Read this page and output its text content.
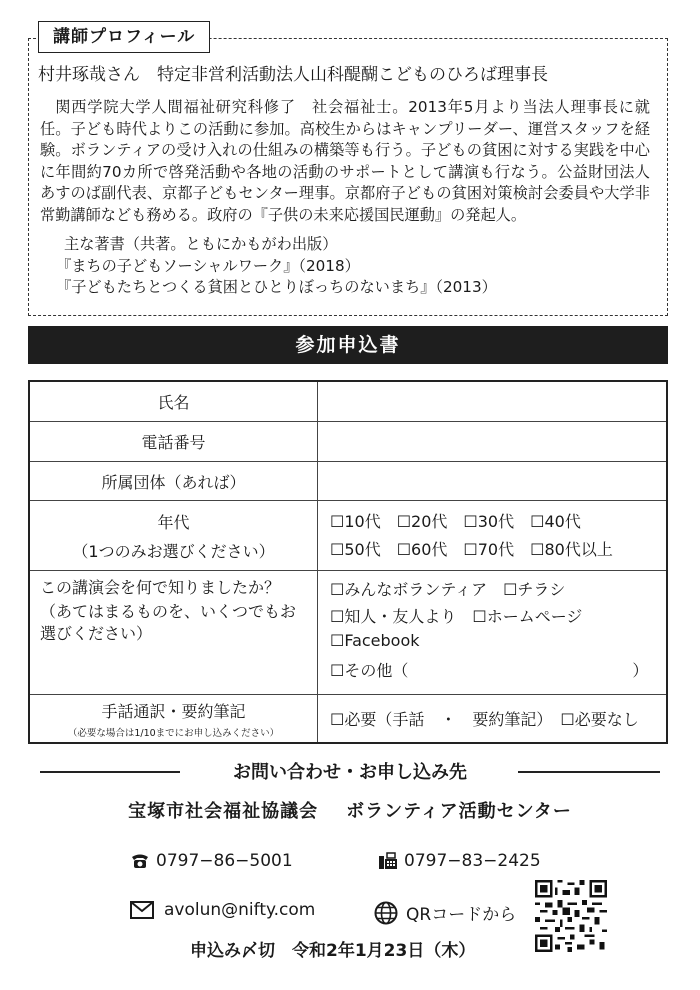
講師プロフィール
村井琢哉さん　特定非営利活動法人山科醍醐こどものひろば理事長

関西学院大学人間福祉研究科修了　社会福祉士。2013年5月より当法人理事長に就任。子ども時代よりこの活動に参加。高校生からはキャンプリーダー、運営スタッフを経験。ボランティアの受け入れの仕組みの構築等も行う。子どもの貧困に対する実践を中心に年間約70カ所で啓発活動や各地の活動のサポートとして講演も行なう。公益財団法人あすのば副代表、京都子どもセンター理事。京都府子どもの貧困対策検討会委員や大学非常勤講師なども務める。政府の『子供の未来応援国民運動』の発起人。

主な著書（共著。ともにかもがわ出版）
『まちの子どもソーシャルワーク』（2018）
『子どもたちとつくる貧困とひとりぼっちのないまち』（2013）
参加申込書
氏名
電話番号
所属団体（あれば）
年代
（1つのみお選びください）
☐10代　☐20代　☐30代　☐40代
☐50代　☐60代　☐70代　☐80代以上
この講演会を何で知りましたか？
（あてはまるものを、いくつでもお選びください）
☐みんなボランティア　☐チラシ
☐知人・友人より　☐ホームページ
☐Facebook
☐その他（　　　　　　　　　　　　　　）
手話通訳・要約筆記
（必要な場合は1/10までにお申し込みください）
☐必要（手話　・　要約筆記）　☐必要なし
お問い合わせ・お申し込み先
宝塚市社会福祉協議会 ボランティア活動センター
0797−86−5001	0797−83−2425
avolun@nifty.com	QRコードから
申込み〆切　令和2年1月23日（木）
